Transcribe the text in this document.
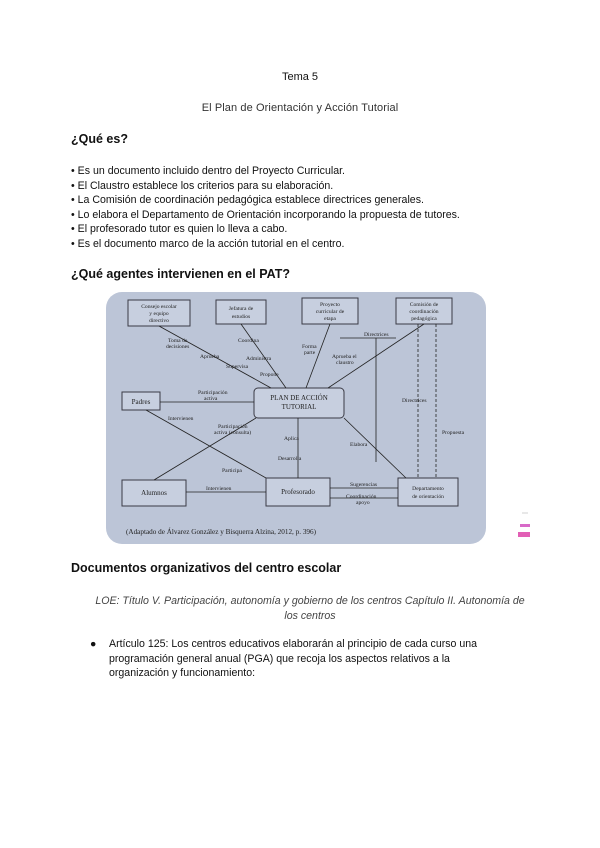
Tema 5
El Plan de Orientación y Acción Tutorial
¿Qué es?
• Es un documento incluido dentro del Proyecto Curricular.
• El Claustro establece los criterios para su elaboración.
• La Comisión de coordinación pedagógica establece directrices generales.
• Lo elabora el Departamento de Orientación incorporando la propuesta de tutores.
• El profesorado tutor es quien lo lleva a cabo.
• Es el documento marco de la acción tutorial en el centro.
¿Qué agentes intervienen en el PAT?
Consejo escolar
y equipo
directivo
Jefatura de
estudios
Proyecto
curricular de
etapa
Comisión de
coordinación
pedagógica
PLAN DE ACCIÓN
TUTORIAL
Padres
Alumnos	Profesorado	Departamento
de orientación
Toma de
decisiones
Aprueba
Coordina
Supervisa
Administra
Propone
Forma
parte
Aprueba el
claustro
Directrices
Participación
activa
Intervienen
Participación
activa (consulta)
Aplica
Desarrolla
Participa
Intervienen
Elabora
Sugerencias
Coordinación
apoyo
Directrices
Propuesta
(Adaptado de Álvarez González y Bisquerra Alzina, 2012, p. 396)
Documentos organizativos del centro escolar
LOE: Título V. Participación, autonomía y gobierno de los centros Capítulo II. Autonomía de
los centros
●	Artículo 125: Los centros educativos elaborarán al principio de cada curso una
programación general anual (PGA) que recoja los aspectos relativos a la
organización y funcionamiento:
